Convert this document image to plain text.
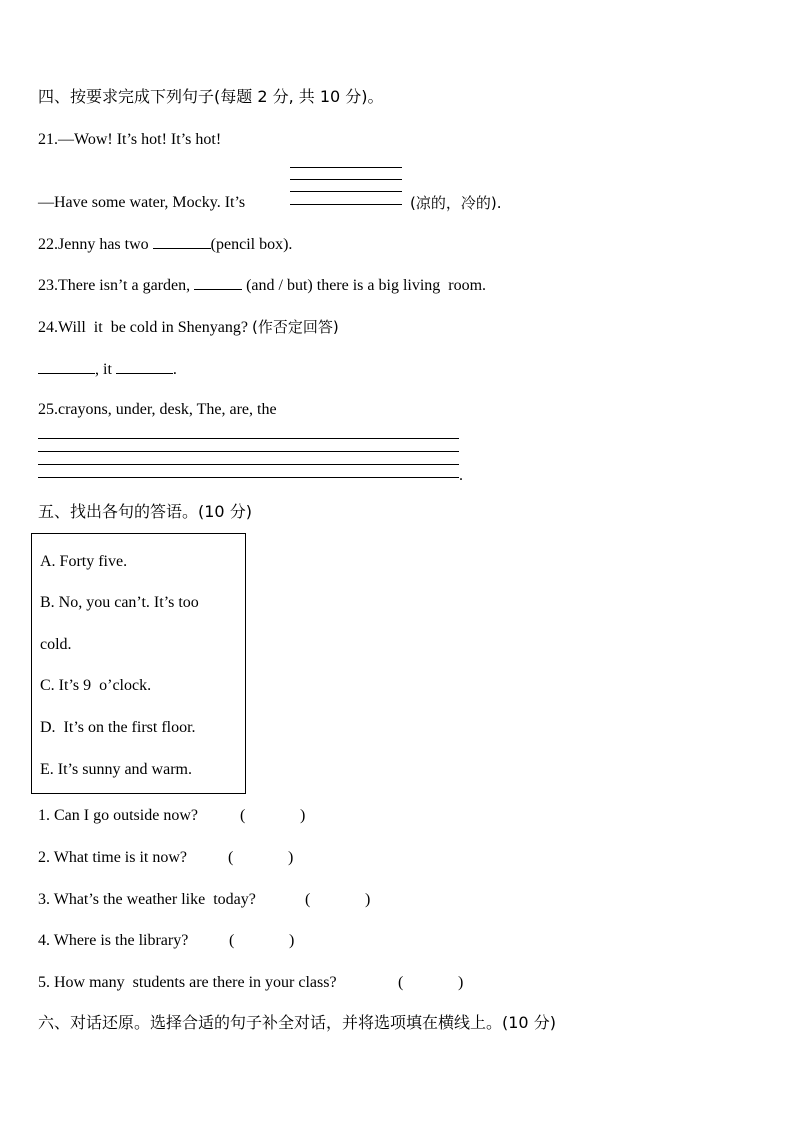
四、按要求完成下列句子(每题 2 分, 共 10 分)。
21.—Wow! It’s hot! It’s hot!
—Have some water, Mocky. It’s	(凉的，冷的).
22.Jenny has two	(pencil box).
23.There isn’t a garden,	(and / but) there is a big living  room.
24.Will  it  be cold in Shenyang? (作否定回答)
, it	.
25.crayons, under, desk, The, are, the
.
五、找出各句的答语。(10 分)
A. Forty five.
B. No, you can’t. It’s too
cold.
C. It’s 9  o’clock.
D.  It’s on the first floor.
E. It’s sunny and warm.
1. Can I go outside now?	(	)
2. What time is it now?	(	)
3. What’s the weather like  today?	(	)
4. Where is the library?	(	)
5. How many  students are there in your class?	(	)
六、对话还原。选择合适的句子补全对话，并将选项填在横线上。(10 分)
